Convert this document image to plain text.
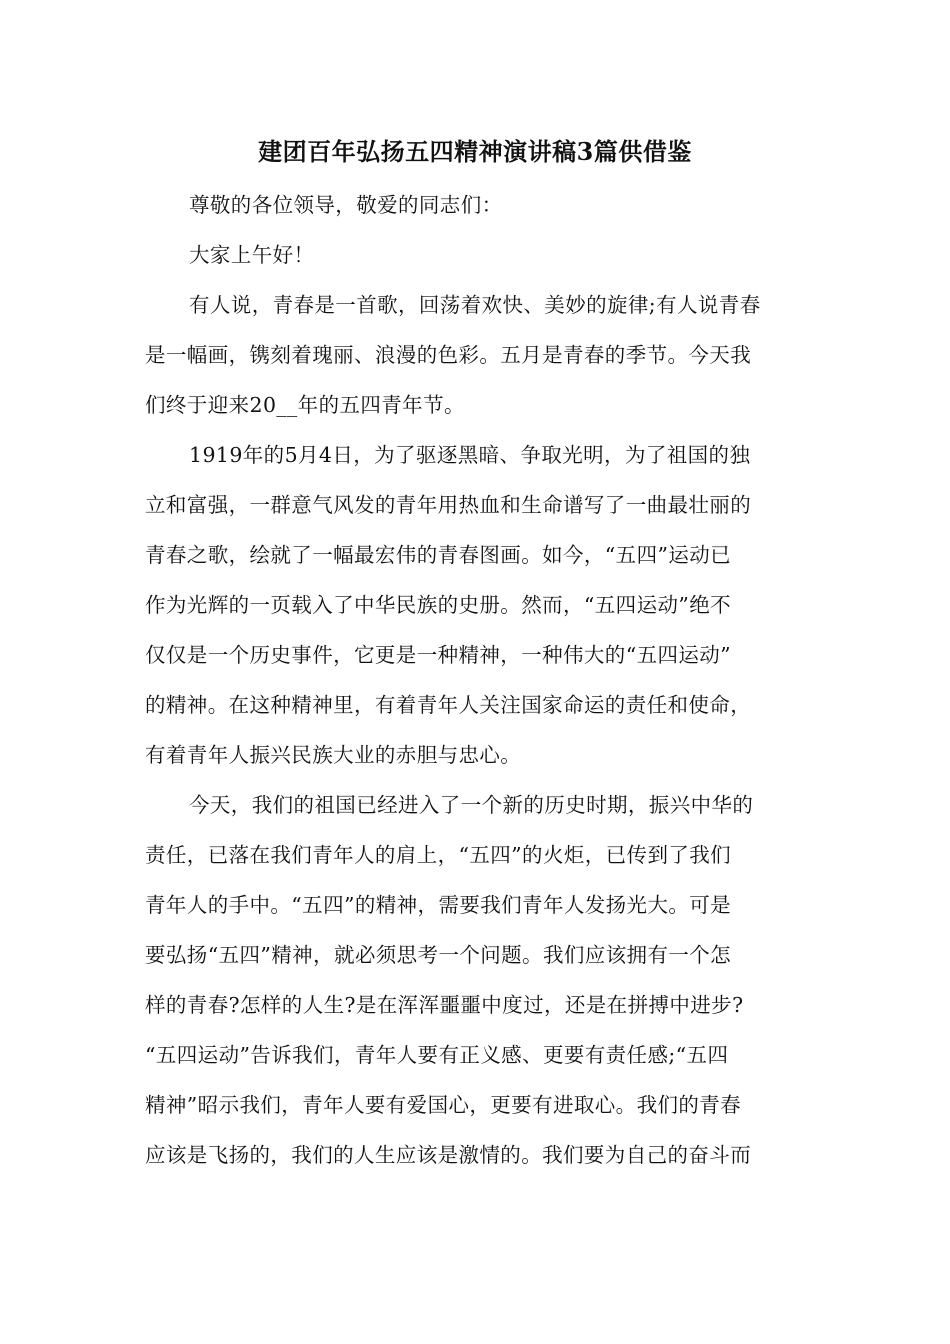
建团百年弘扬五四精神演讲稿3篇供借鉴
尊敬的各位领导，敬爱的同志们：
大家上午好！
有人说，青春是一首歌，回荡着欢快、美妙的旋律;有人说青春
是一幅画，镌刻着瑰丽、浪漫的色彩。五月是青春的季节。今天我
们终于迎来20__年的五四青年节。
1919年的5月4日，为了驱逐黑暗、争取光明，为了祖国的独
立和富强，一群意气风发的青年用热血和生命谱写了一曲最壮丽的
青春之歌，绘就了一幅最宏伟的青春图画。如今，“五四”运动已
作为光辉的一页载入了中华民族的史册。然而，“五四运动”绝不
仅仅是一个历史事件，它更是一种精神，一种伟大的“五四运动”
的精神。在这种精神里，有着青年人关注国家命运的责任和使命，
有着青年人振兴民族大业的赤胆与忠心。
今天，我们的祖国已经进入了一个新的历史时期，振兴中华的
责任，已落在我们青年人的肩上，“五四”的火炬，已传到了我们
青年人的手中。“五四”的精神，需要我们青年人发扬光大。可是
要弘扬“五四”精神，就必须思考一个问题。我们应该拥有一个怎
样的青春?怎样的人生?是在浑浑噩噩中度过，还是在拼搏中进步?
“五四运动”告诉我们，青年人要有正义感、更要有责任感;“五四
精神”昭示我们，青年人要有爱国心，更要有进取心。我们的青春
应该是飞扬的，我们的人生应该是激情的。我们要为自己的奋斗而
